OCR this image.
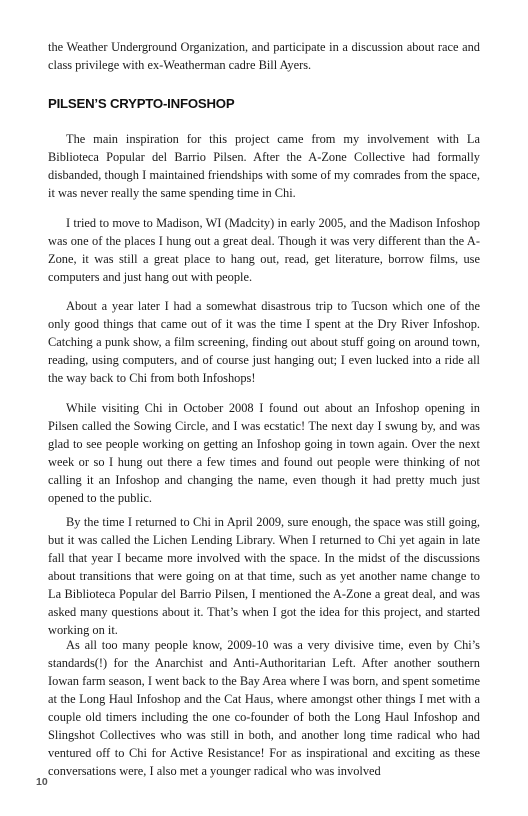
the Weather Underground Organization, and participate in a discussion about race and class privilege with ex-Weatherman cadre Bill Ayers.
PILSEN’S CRYPTO-INFOSHOP
The main inspiration for this project came from my involvement with La Biblioteca Popular del Barrio Pilsen. After the A-Zone Collective had formally disbanded, though I maintained friendships with some of my comrades from the space, it was never really the same spending time in Chi.
I tried to move to Madison, WI (Madcity) in early 2005, and the Madison Infoshop was one of the places I hung out a great deal. Though it was very different than the A-Zone, it was still a great place to hang out, read, get literature, borrow films, use computers and just hang out with people.
About a year later I had a somewhat disastrous trip to Tucson which one of the only good things that came out of it was the time I spent at the Dry River Infoshop. Catching a punk show, a film screening, finding out about stuff going on around town, reading, using computers, and of course just hanging out; I even lucked into a ride all the way back to Chi from both Infoshops!
While visiting Chi in October 2008 I found out about an Infoshop opening in Pilsen called the Sowing Circle, and I was ecstatic! The next day I swung by, and was glad to see people working on getting an Infoshop going in town again. Over the next week or so I hung out there a few times and found out people were thinking of not calling it an Infoshop and changing the name, even though it had pretty much just opened to the public.
By the time I returned to Chi in April 2009, sure enough, the space was still going, but it was called the Lichen Lending Library. When I returned to Chi yet again in late fall that year I became more involved with the space. In the midst of the discussions about transitions that were going on at that time, such as yet another name change to La Biblioteca Popular del Barrio Pilsen, I mentioned the A-Zone a great deal, and was asked many questions about it. That’s when I got the idea for this project, and started working on it.
As all too many people know, 2009-10 was a very divisive time, even by Chi’s standards(!) for the Anarchist and Anti-Authoritarian Left. After another southern Iowan farm season, I went back to the Bay Area where I was born, and spent sometime at the Long Haul Infoshop and the Cat Haus, where amongst other things I met with a couple old timers including the one co-founder of both the Long Haul Infoshop and Slingshot Collectives who was still in both, and another long time radical who had ventured off to Chi for Active Resistance! For as inspirational and exciting as these conversations were, I also met a younger radical who was involved
10
